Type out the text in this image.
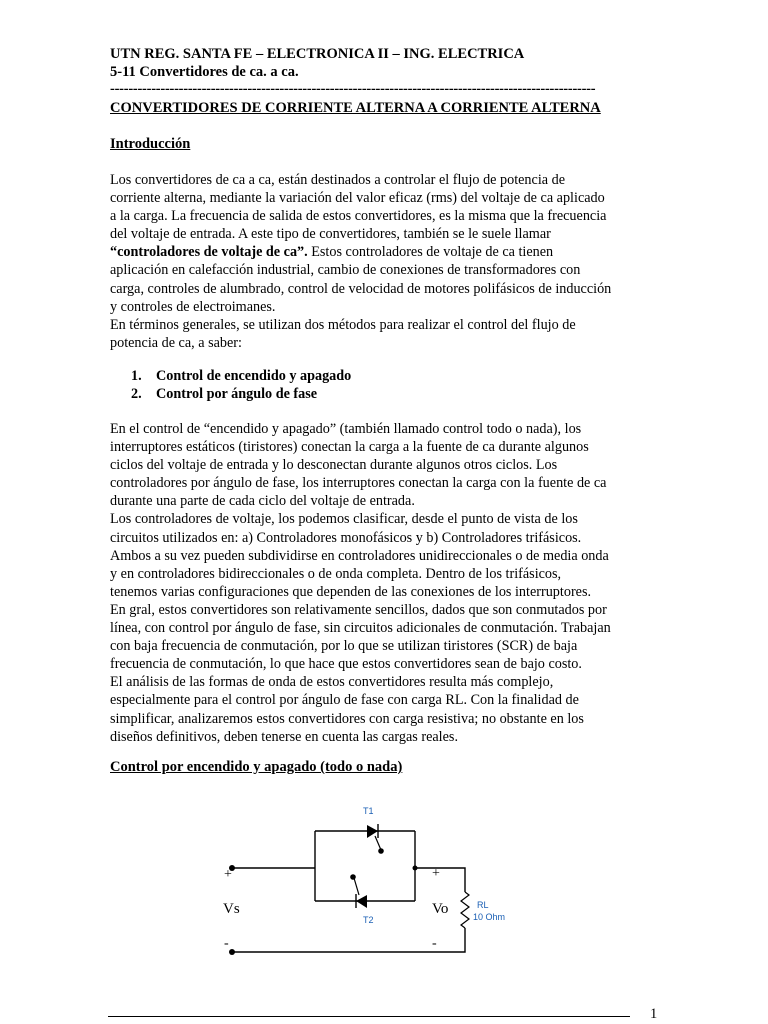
UTN REG. SANTA FE – ELECTRONICA II – ING. ELECTRICA
5-11 Convertidores de ca. a ca.
----------------------------------------------------------------------------------------------------------
CONVERTIDORES DE CORRIENTE ALTERNA A CORRIENTE ALTERNA
Introducción
Los convertidores de ca a ca, están destinados a controlar el flujo de potencia de
corriente alterna, mediante la variación del valor eficaz (rms) del voltaje de ca aplicado
a la carga. La frecuencia de salida de estos convertidores, es la misma que la frecuencia
del voltaje de entrada. A este tipo de convertidores, también se le suele llamar
“controladores de voltaje de ca”. Estos controladores de voltaje de ca tienen
aplicación en calefacción industrial, cambio de conexiones de transformadores con
carga, controles de alumbrado, control de velocidad de motores polifásicos de inducción
y controles de electroimanes.
En términos generales, se utilizan dos métodos para realizar el control del flujo de
potencia de ca, a saber:
1. Control de encendido y apagado
2. Control por ángulo de fase
En el control de “encendido y apagado” (también llamado control todo o nada), los
interruptores estáticos (tiristores) conectan la carga a la fuente de ca durante algunos
ciclos del voltaje de entrada y lo desconectan durante algunos otros ciclos. Los
controladores por ángulo de fase, los interruptores conectan la carga con la fuente de ca
durante una parte de cada ciclo del voltaje de entrada.
Los controladores de voltaje, los podemos clasificar, desde el punto de vista de los
circuitos utilizados en: a) Controladores monofásicos y b) Controladores trifásicos.
Ambos a su vez pueden subdividirse en controladores unidireccionales o de media onda
y en controladores bidireccionales o de onda completa. Dentro de los trifásicos,
tenemos varias configuraciones que dependen de las conexiones de los interruptores.
En gral, estos convertidores son relativamente sencillos, dados que son conmutados por
línea, con control por ángulo de fase, sin circuitos adicionales de conmutación. Trabajan
con baja frecuencia de conmutación, por lo que se utilizan tiristores (SCR) de baja
frecuencia de conmutación, lo que hace que estos convertidores sean de bajo costo.
El análisis de las formas de onda de estos convertidores resulta más complejo,
especialmente para el control por ángulo de fase con carga RL. Con la finalidad de
simplificar, analizaremos estos convertidores con carga resistiva; no obstante en los
diseños definitivos, deben tenerse en cuenta las cargas reales.
Control por encendido y apagado (todo o nada)
T1
T2
+
Vs
-
+
Vo
-
RL
10 Ohm
1
